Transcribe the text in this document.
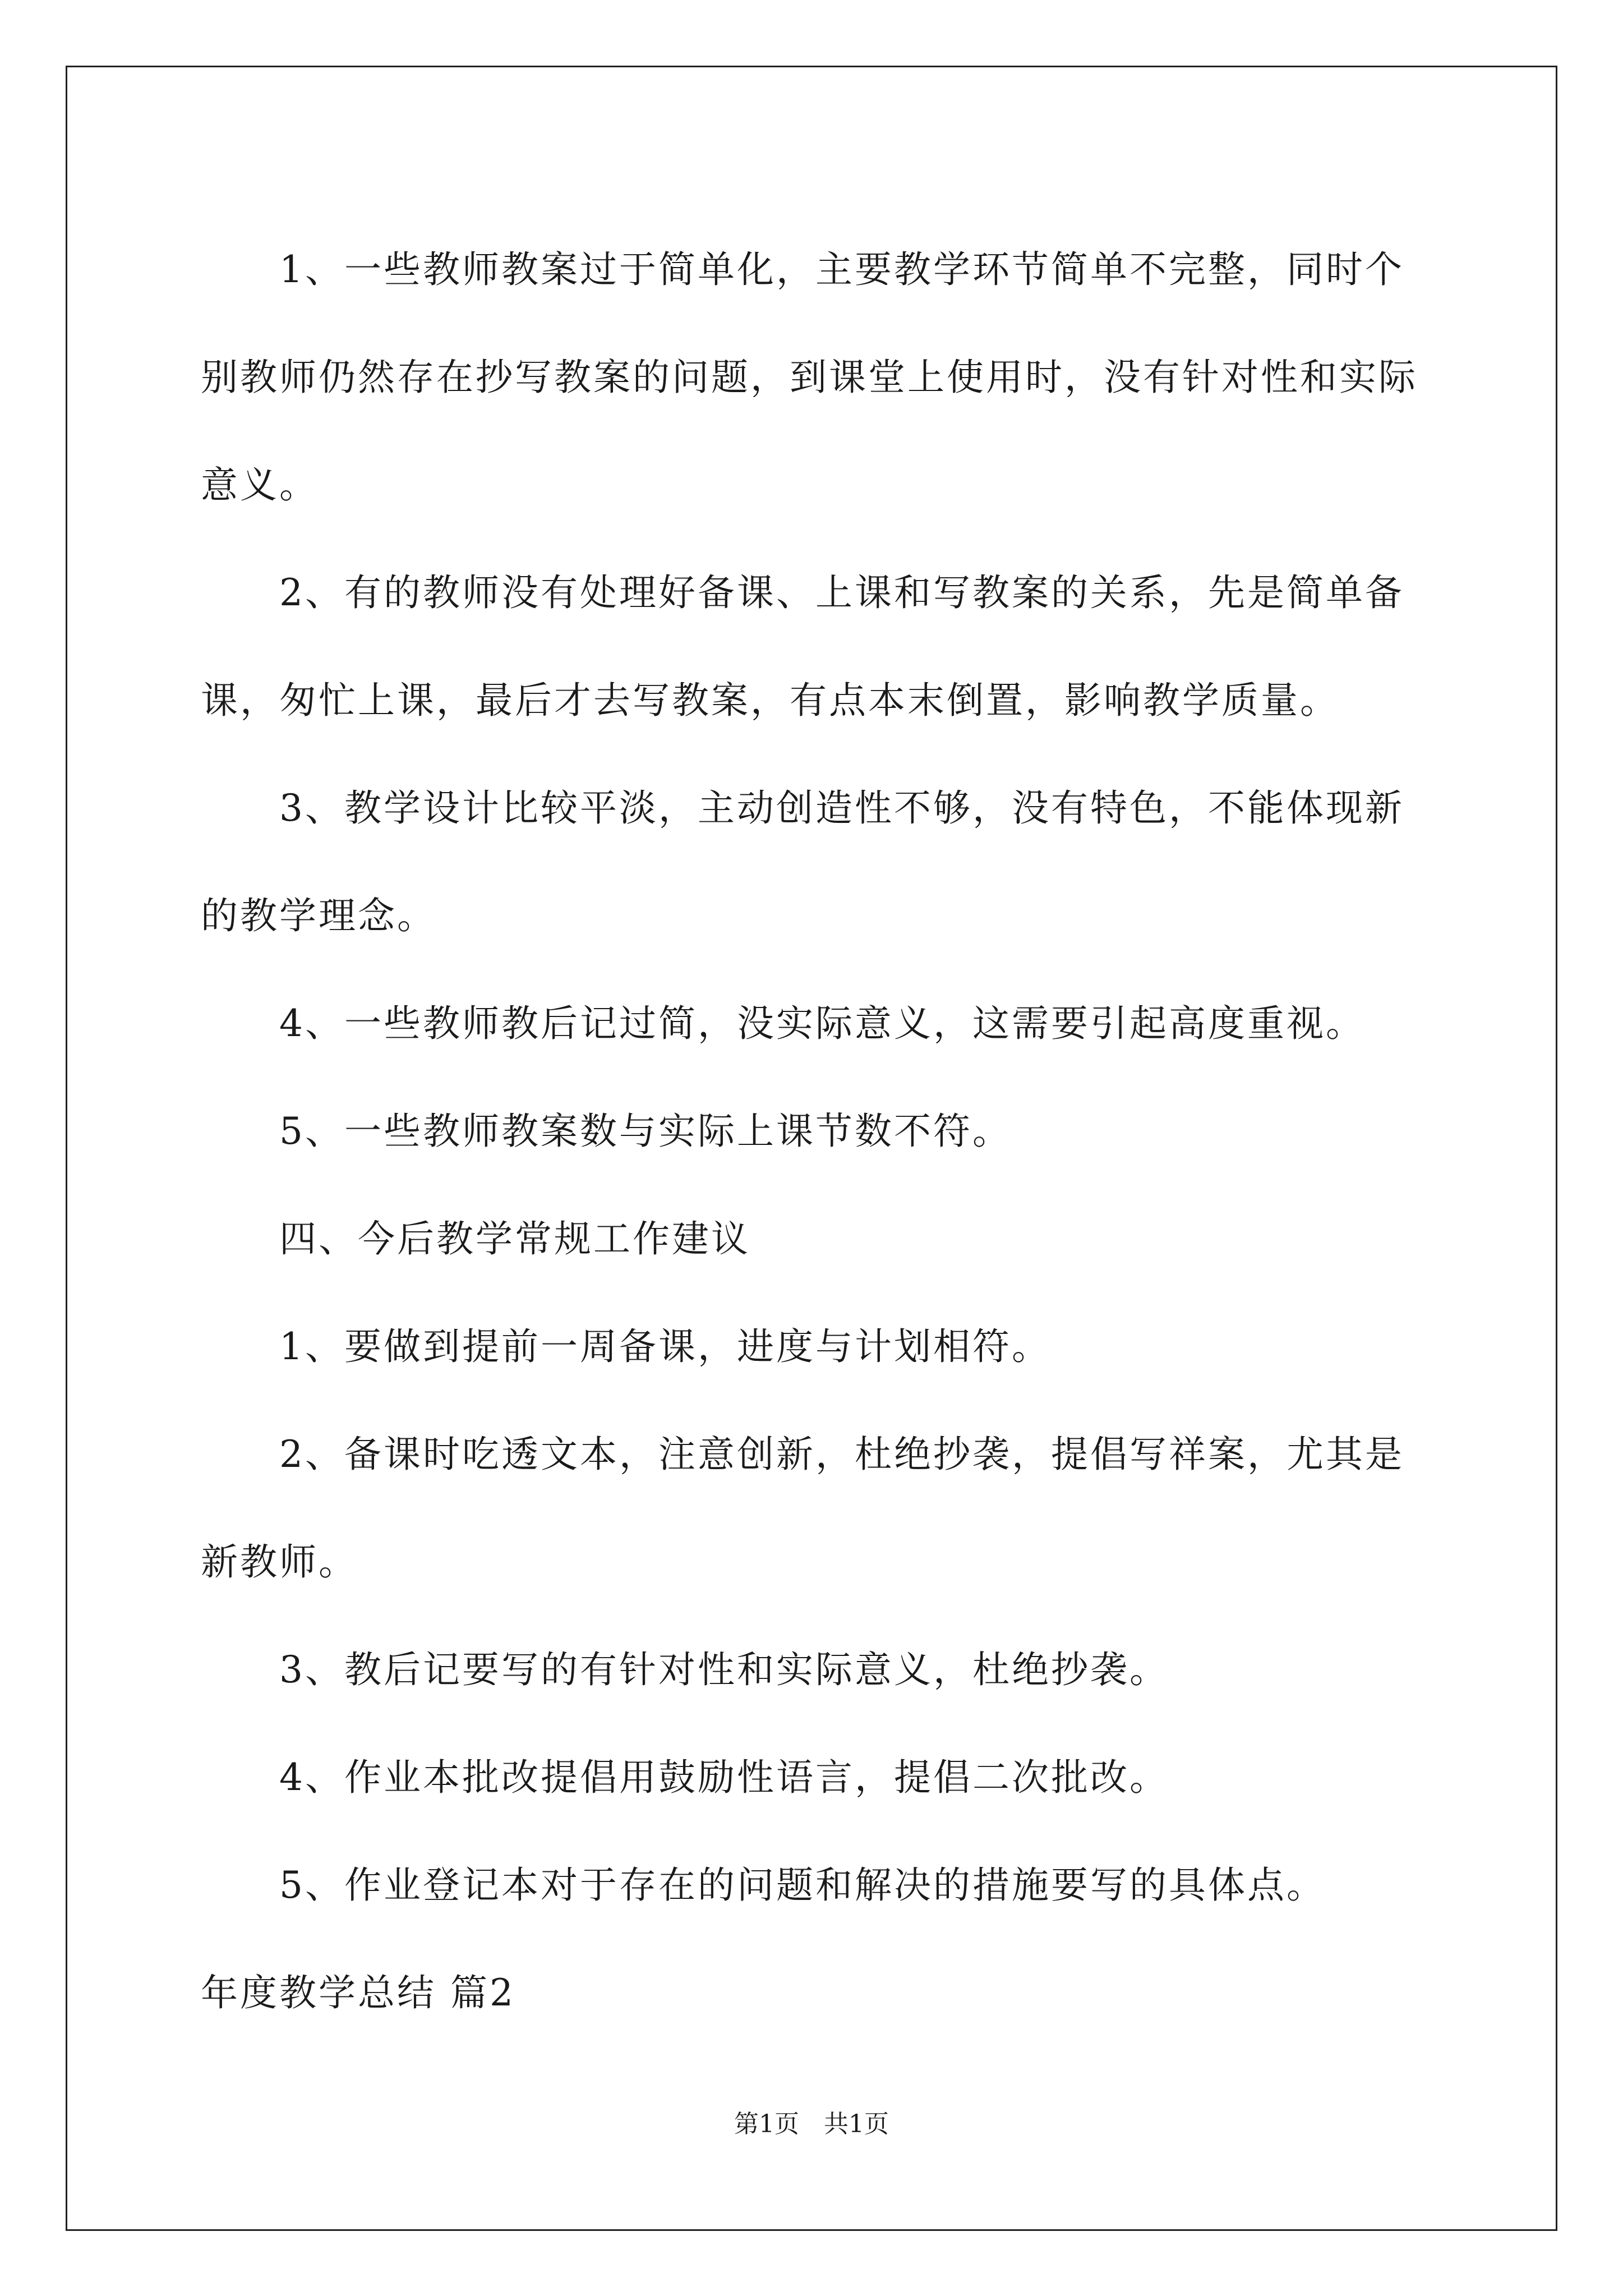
1、一些教师教案过于简单化，主要教学环节简单不完整，同时个别教师仍然存在抄写教案的问题，到课堂上使用时，没有针对性和实际意义。

2、有的教师没有处理好备课、上课和写教案的关系，先是简单备课，匆忙上课，最后才去写教案，有点本末倒置，影响教学质量。

3、教学设计比较平淡，主动创造性不够，没有特色，不能体现新的教学理念。

4、一些教师教后记过简，没实际意义，这需要引起高度重视。

5、一些教师教案数与实际上课节数不符。

四、今后教学常规工作建议

1、要做到提前一周备课，进度与计划相符。

2、备课时吃透文本，注意创新，杜绝抄袭，提倡写祥案，尤其是新教师。

3、教后记要写的有针对性和实际意义，杜绝抄袭。

4、作业本批改提倡用鼓励性语言，提倡二次批改。

5、作业登记本对于存在的问题和解决的措施要写的具体点。

年度教学总结 篇2

第1页　共1页
